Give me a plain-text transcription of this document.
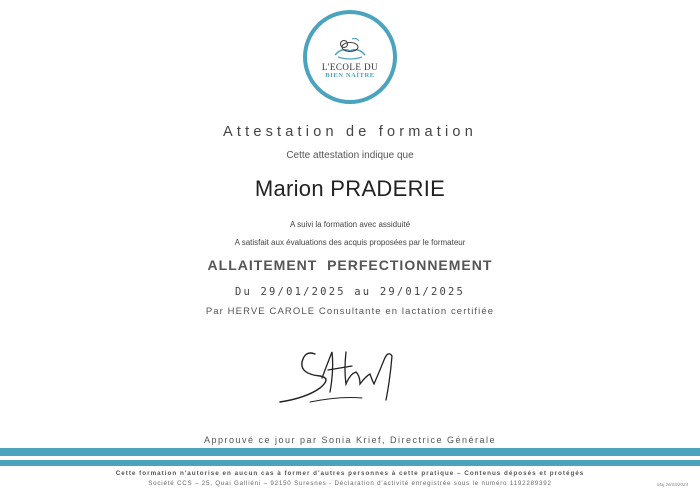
L'ECOLE DU
BIEN NAÎTRE
Attestation de formation
Cette attestation indique que
Marion PRADERIE
A suivi la formation avec assiduité
A satisfait aux évaluations des acquis proposées par le formateur
ALLAITEMENT  PERFECTIONNEMENT
Du 29/01/2025 au 29/01/2025
Par HERVE CAROLE Consultante en lactation certifiée
Approuvé ce jour par Sonia Krief, Directrice Générale
Cette formation n'autorise en aucun cas à former d'autres personnes à cette pratique – Contenus déposés et protégés
Société CCS – 25, Quai Galliéni – 92150 Suresnes - Déclaration d'activité enregistrée sous le numéro 11922893​92	Maj 26/03/2024
